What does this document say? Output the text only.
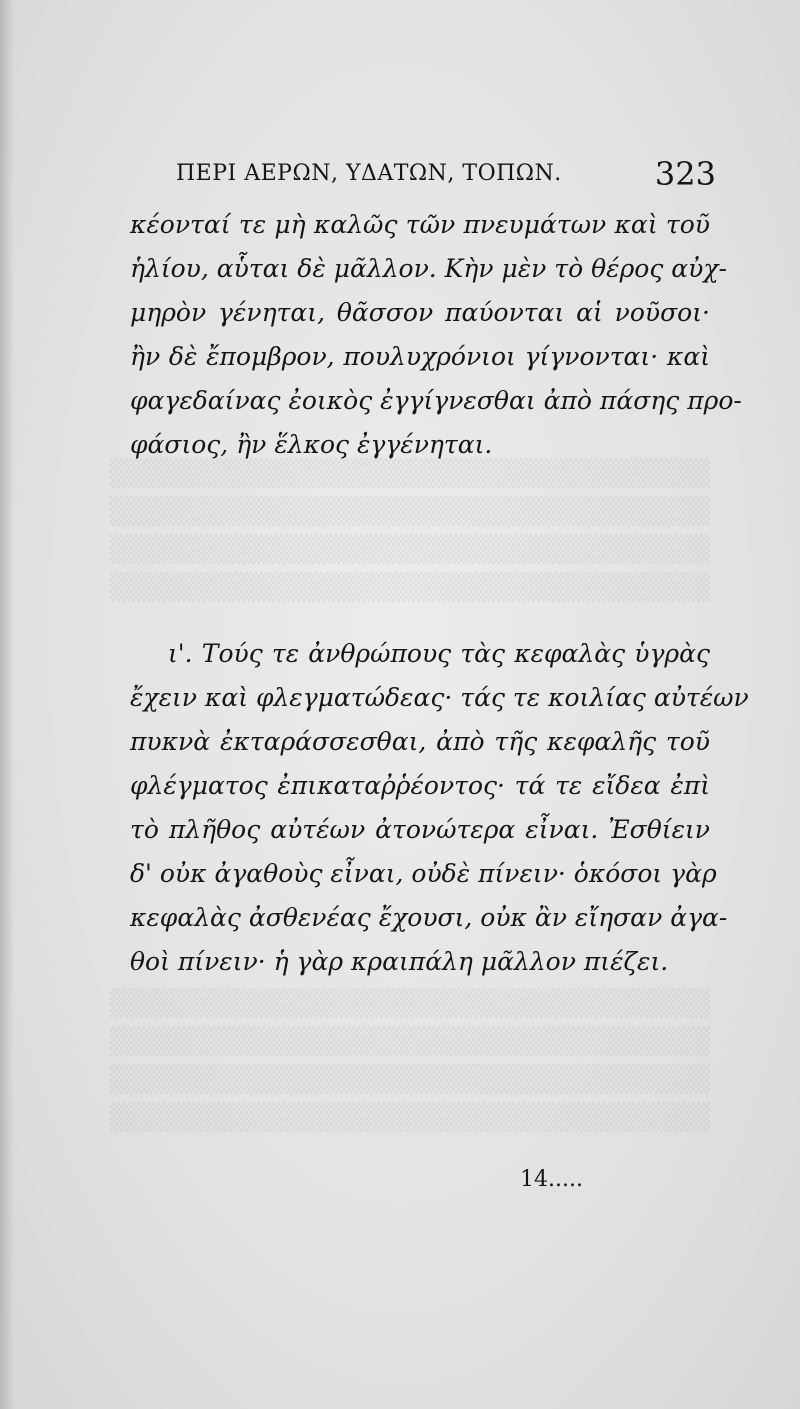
▒▒▒▒▒▒▒▒▒▒▒▒▒▒▒▒▒▒▒▒▒▒▒▒▒▒▒▒▒▒
▒▒▒▒▒▒▒▒▒▒▒▒▒▒▒▒▒▒▒▒▒▒▒▒▒▒▒▒▒▒
▒▒▒▒▒▒▒▒▒▒▒▒▒▒▒▒▒▒▒▒▒▒▒▒▒▒▒▒▒▒
▒▒▒▒▒▒▒▒▒▒▒▒▒▒▒▒▒▒▒▒▒▒▒▒▒▒▒▒▒▒
▒▒▒▒▒▒▒▒▒▒▒▒▒▒▒▒▒▒▒▒▒▒▒▒▒▒▒▒▒▒
▒▒▒▒▒▒▒▒▒▒▒▒▒▒▒▒▒▒▒▒▒▒▒▒▒▒▒▒▒▒
▒▒▒▒▒▒▒▒▒▒▒▒▒▒▒▒▒▒▒▒▒▒▒▒▒▒▒▒▒▒
▒▒▒▒▒▒▒▒▒▒▒▒▒▒▒▒▒▒▒▒▒▒▒▒▒▒▒▒▒▒
ΠΕΡΙ ΑΕΡΩΝ, ΥΔΑΤΩΝ, ΤΟΠΩΝ.	323
κέονταί τε μὴ καλῶς τῶν πνευμάτων καὶ τοῦ
ἡλίου, αὗται δὲ μᾶλλον. Κὴν μὲν τὸ θέρος αὐχ-
μηρὸν γένηται, θᾶσσον παύονται αἱ νοῦσοι·
ἢν δὲ ἔπομβρον, πουλυχρόνιοι γίγνονται· καὶ
φαγεδαίνας ἐοικὸς ἐγγίγνεσθαι ἀπὸ πάσης προ-
φάσιος, ἢν ἕλκος ἐγγένηται.
ι'. Τούς τε ἀνθρώπους τὰς κεφαλὰς ὑγρὰς
ἔχειν καὶ φλεγματώδεας· τάς τε κοιλίας αὐτέων
πυκνὰ ἐκταράσσεσθαι, ἀπὸ τῆς κεφαλῆς τοῦ
φλέγματος ἐπικαταῤῥέοντος· τά τε εἴδεα ἐπὶ
τὸ πλῆθος αὐτέων ἀτονώτερα εἶναι. Ἐσθίειν
δ' οὐκ ἀγαθοὺς εἶναι, οὐδὲ πίνειν· ὁκόσοι γὰρ
κεφαλὰς ἀσθενέας ἔχουσι, οὐκ ἂν εἴησαν ἀγα-
θοὶ πίνειν· ἡ γὰρ κραιπάλη μᾶλλον πιέζει.
14.....
